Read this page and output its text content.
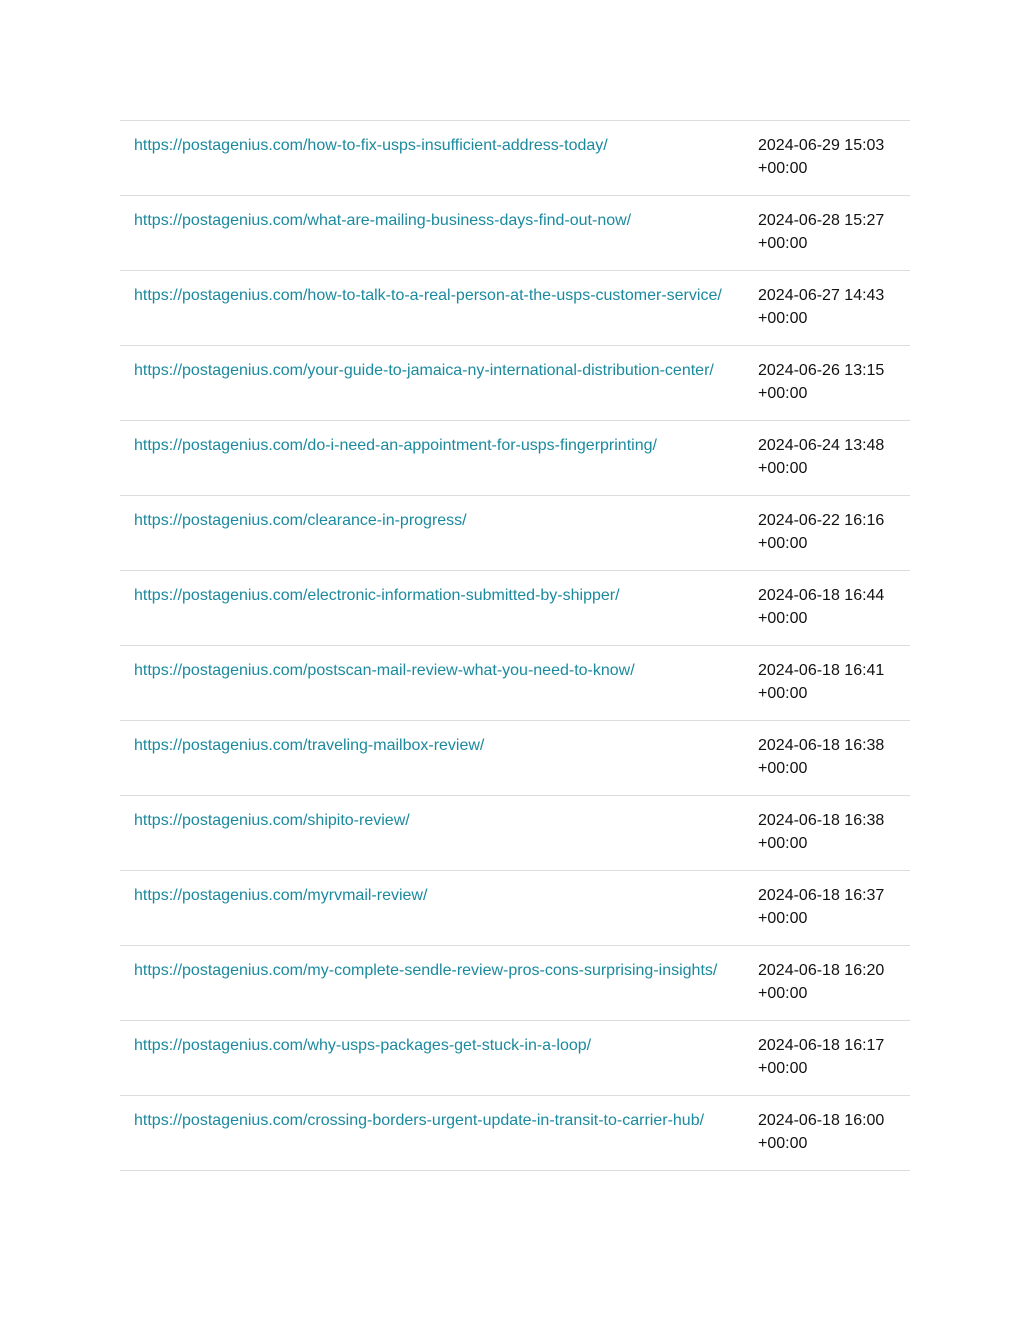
https://postagenius.com/how-to-fix-usps-insufficient-address-today/	2024-06-29 15:03
+00:00
https://postagenius.com/what-are-mailing-business-days-find-out-now/	2024-06-28 15:27
+00:00
https://postagenius.com/how-to-talk-to-a-real-person-at-the-usps-customer-service/	2024-06-27 14:43
+00:00
https://postagenius.com/your-guide-to-jamaica-ny-international-distribution-center/	2024-06-26 13:15
+00:00
https://postagenius.com/do-i-need-an-appointment-for-usps-fingerprinting/	2024-06-24 13:48
+00:00
https://postagenius.com/clearance-in-progress/	2024-06-22 16:16
+00:00
https://postagenius.com/electronic-information-submitted-by-shipper/	2024-06-18 16:44
+00:00
https://postagenius.com/postscan-mail-review-what-you-need-to-know/	2024-06-18 16:41
+00:00
https://postagenius.com/traveling-mailbox-review/	2024-06-18 16:38
+00:00
https://postagenius.com/shipito-review/	2024-06-18 16:38
+00:00
https://postagenius.com/myrvmail-review/	2024-06-18 16:37
+00:00
https://postagenius.com/my-complete-sendle-review-pros-cons-surprising-insights/	2024-06-18 16:20
+00:00
https://postagenius.com/why-usps-packages-get-stuck-in-a-loop/	2024-06-18 16:17
+00:00
https://postagenius.com/crossing-borders-urgent-update-in-transit-to-carrier-hub/	2024-06-18 16:00
+00:00
